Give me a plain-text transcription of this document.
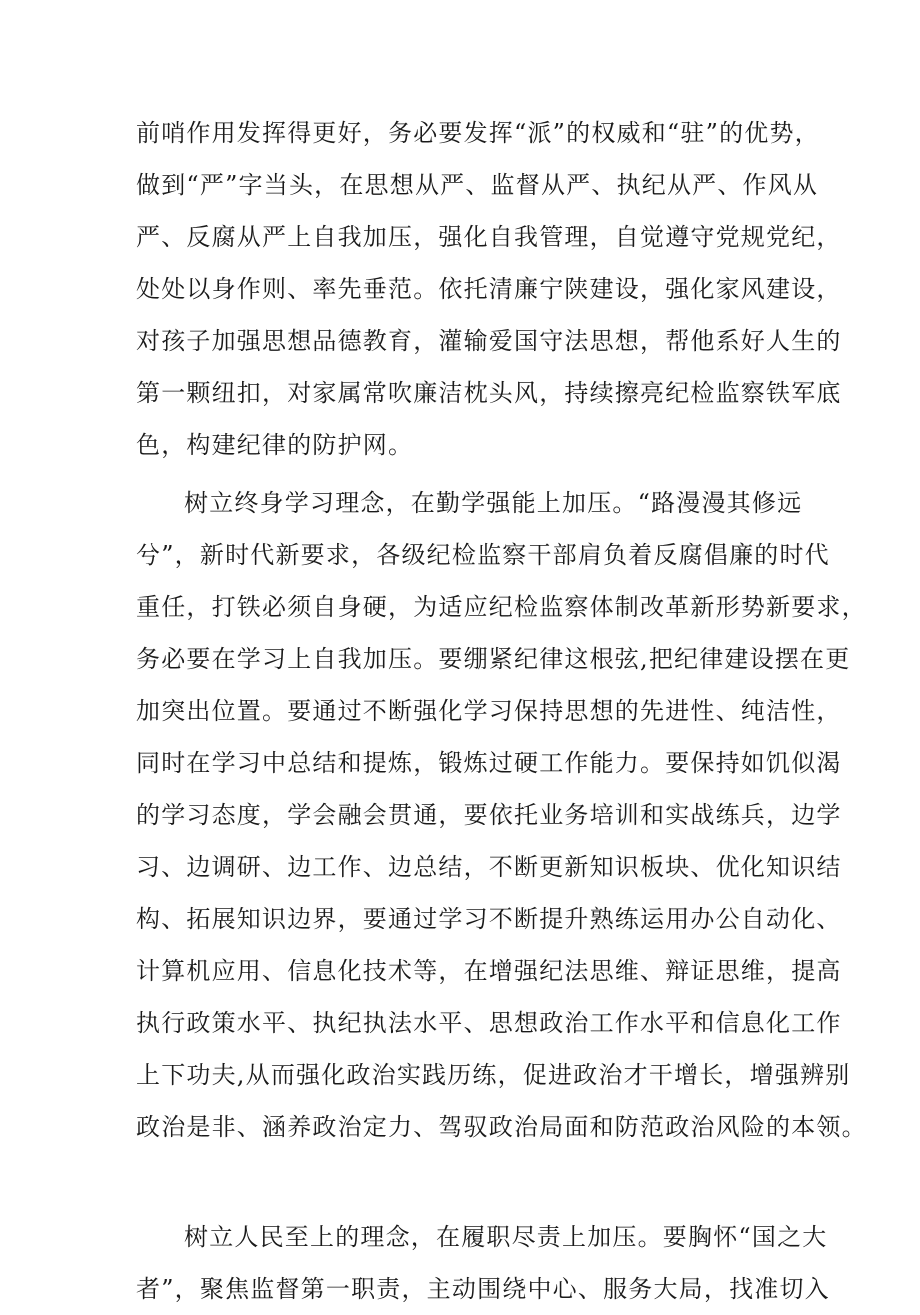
前哨作用发挥得更好，务必要发挥“派”的权威和“驻”的优势，
做到“严”字当头，在思想从严、监督从严、执纪从严、作风从
严、反腐从严上自我加压，强化自我管理，自觉遵守党规党纪，
处处以身作则、率先垂范。依托清廉宁陕建设，强化家风建设，
对孩子加强思想品德教育，灌输爱国守法思想，帮他系好人生的
第一颗纽扣，对家属常吹廉洁枕头风，持续擦亮纪检监察铁军底
色，构建纪律的防护网。
树立终身学习理念，在勤学强能上加压。“路漫漫其修远
兮”，新时代新要求，各级纪检监察干部肩负着反腐倡廉的时代
重任，打铁必须自身硬，为适应纪检监察体制改革新形势新要求，
务必要在学习上自我加压。要绷紧纪律这根弦,把纪律建设摆在更
加突出位置。要通过不断强化学习保持思想的先进性、纯洁性，
同时在学习中总结和提炼，锻炼过硬工作能力。要保持如饥似渴
的学习态度，学会融会贯通，要依托业务培训和实战练兵，边学
习、边调研、边工作、边总结，不断更新知识板块、优化知识结
构、拓展知识边界，要通过学习不断提升熟练运用办公自动化、
计算机应用、信息化技术等，在增强纪法思维、辩证思维，提高
执行政策水平、执纪执法水平、思想政治工作水平和信息化工作
上下功夫,从而强化政治实践历练，促进政治才干增长，增强辨别
政治是非、涵养政治定力、驾驭政治局面和防范政治风险的本领。
树立人民至上的理念，在履职尽责上加压。要胸怀“国之大
者”，聚焦监督第一职责，主动围绕中心、服务大局，找准切入
